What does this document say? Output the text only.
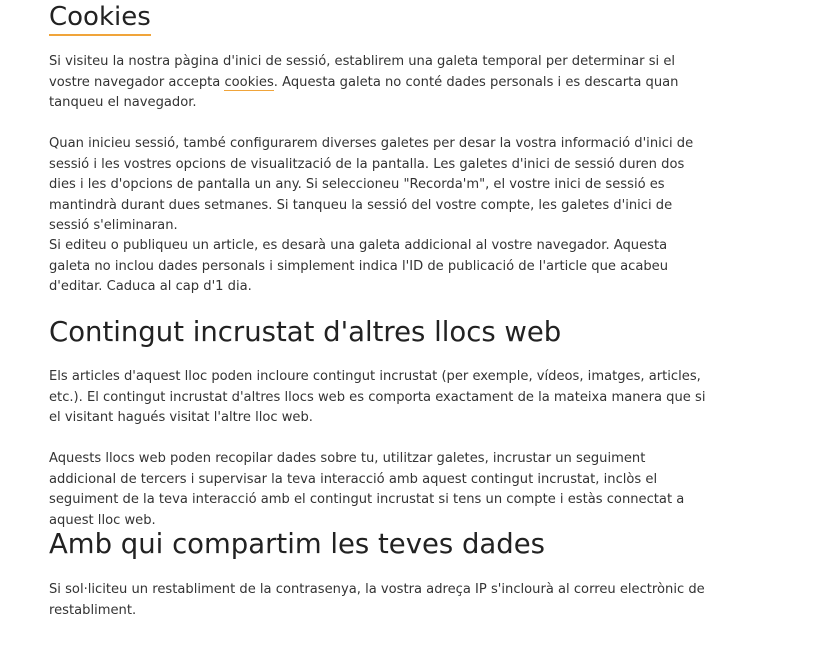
Cookies

Si visiteu la nostra pàgina d'inici de sessió, establirem una galeta temporal per determinar si el vostre navegador accepta cookies. Aquesta galeta no conté dades personals i es descarta quan tanqueu el navegador.

Quan inicieu sessió, també configurarem diverses galetes per desar la vostra informació d'inici de sessió i les vostres opcions de visualització de la pantalla. Les galetes d'inici de sessió duren dos dies i les d'opcions de pantalla un any. Si seleccioneu "Recorda'm", el vostre inici de sessió es mantindrà durant dues setmanes. Si tanqueu la sessió del vostre compte, les galetes d'inici de sessió s'eliminaran.

Si editeu o publiqueu un article, es desarà una galeta addicional al vostre navegador. Aquesta galeta no inclou dades personals i simplement indica l'ID de publicació de l'article que acabeu d'editar. Caduca al cap d'1 dia.

Contingut incrustat d'altres llocs web

Els articles d'aquest lloc poden incloure contingut incrustat (per exemple, vídeos, imatges, articles, etc.). El contingut incrustat d'altres llocs web es comporta exactament de la mateixa manera que si el visitant hagués visitat l'altre lloc web.

Aquests llocs web poden recopilar dades sobre tu, utilitzar galetes, incrustar un seguiment addicional de tercers i supervisar la teva interacció amb aquest contingut incrustat, inclòs el seguiment de la teva interacció amb el contingut incrustat si tens un compte i estàs connectat a aquest lloc web.

Amb qui compartim les teves dades

Si sol·liciteu un restabliment de la contrasenya, la vostra adreça IP s'inclourà al correu electrònic de restabliment.
